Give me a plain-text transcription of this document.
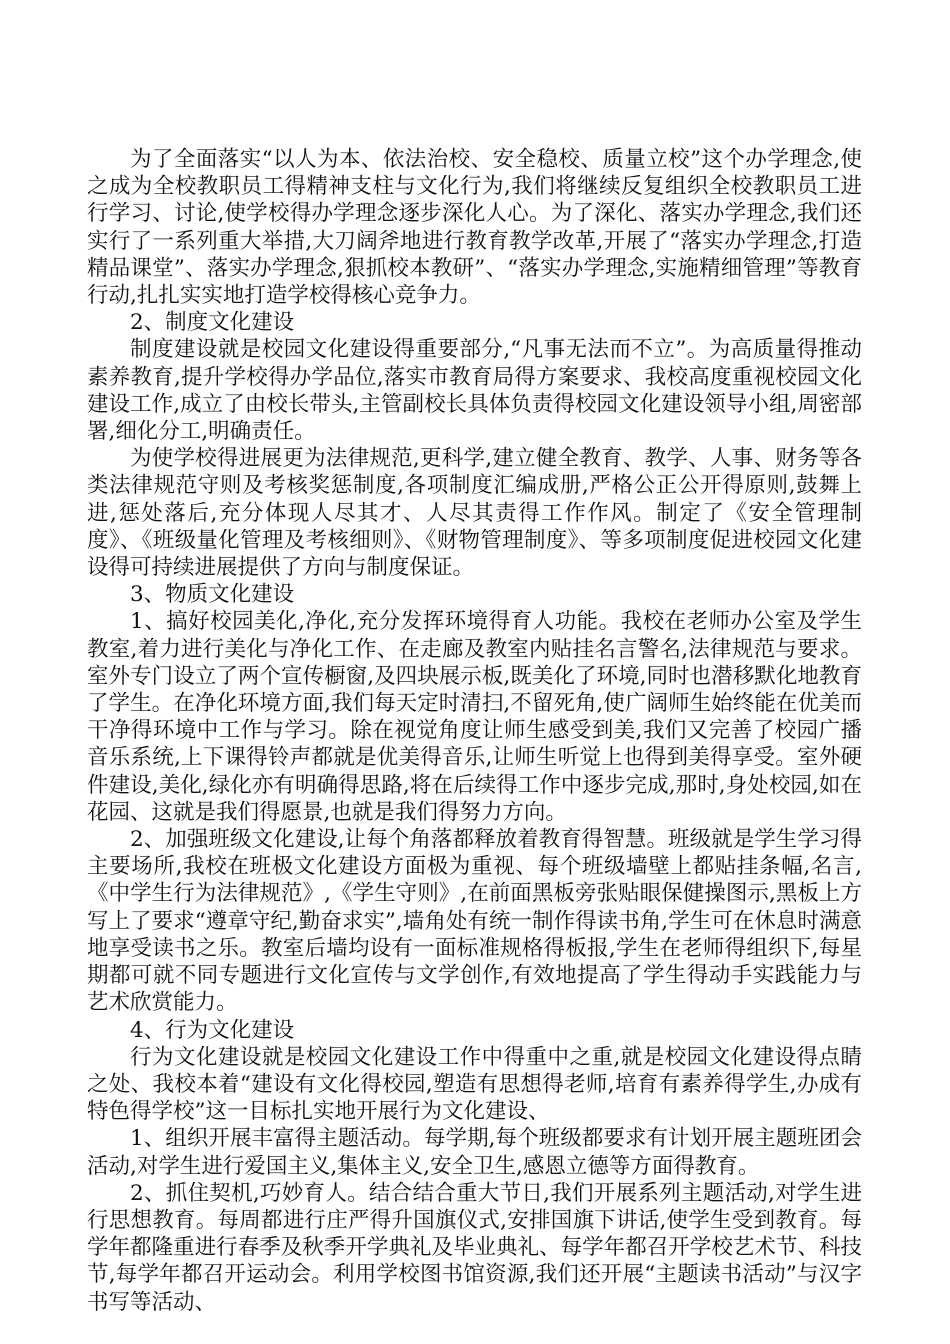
为了全面落实“以人为本、依法治校、安全稳校、质量立校”这个办学理念,使之成为全校教职员工得精神支柱与文化行为,我们将继续反复组织全校教职员工进行学习、讨论,使学校得办学理念逐步深化人心。为了深化、落实办学理念,我们还实行了一系列重大举措,大刀阔斧地进行教育教学改革,开展了“落实办学理念,打造精品课堂”、落实办学理念,狠抓校本教研”、“落实办学理念,实施精细管理”等教育行动,扎扎实实地打造学校得核心竞争力。

2、制度文化建设

制度建设就是校园文化建设得重要部分,“凡事无法而不立”。为高质量得推动素养教育,提升学校得办学品位,落实市教育局得方案要求、我校高度重视校园文化建设工作,成立了由校长带头,主管副校长具体负责得校园文化建设领导小组,周密部署,细化分工,明确责任。

为使学校得进展更为法律规范,更科学,建立健全教育、教学、人事、财务等各类法律规范守则及考核奖惩制度,各项制度汇编成册,严格公正公开得原则,鼓舞上进,惩处落后,充分体现人尽其才、人尽其责得工作作风。制定了《安全管理制度》、《班级量化管理及考核细则》、《财物管理制度》、等多项制度促进校园文化建设得可持续进展提供了方向与制度保证。

3、物质文化建设

1、搞好校园美化,净化,充分发挥环境得育人功能。我校在老师办公室及学生教室,着力进行美化与净化工作、在走廊及教室内贴挂名言警名,法律规范与要求。室外专门设立了两个宣传橱窗,及四块展示板,既美化了环境,同时也潜移默化地教育了学生。在净化环境方面,我们每天定时清扫,不留死角,使广阔师生始终能在优美而干净得环境中工作与学习。除在视觉角度让师生感受到美,我们又完善了校园广播音乐系统,上下课得铃声都就是优美得音乐,让师生听觉上也得到美得享受。室外硬件建设,美化,绿化亦有明确得思路,将在后续得工作中逐步完成,那时,身处校园,如在花园、这就是我们得愿景,也就是我们得努力方向。

2、加强班级文化建设,让每个角落都释放着教育得智慧。班级就是学生学习得主要场所,我校在班极文化建设方面极为重视、每个班级墙壁上都贴挂条幅,名言,《中学生行为法律规范》,《学生守则》,在前面黑板旁张贴眼保健操图示,黑板上方写上了要求“遵章守纪,勤奋求实”,墙角处有统一制作得读书角,学生可在休息时满意地享受读书之乐。教室后墙均设有一面标准规格得板报,学生在老师得组织下,每星期都可就不同专题进行文化宣传与文学创作,有效地提高了学生得动手实践能力与艺术欣赏能力。

4、行为文化建设

行为文化建设就是校园文化建设工作中得重中之重,就是校园文化建设得点睛之处、我校本着“建设有文化得校园,塑造有思想得老师,培育有素养得学生,办成有特色得学校”这一目标扎实地开展行为文化建设、

1、组织开展丰富得主题活动。每学期,每个班级都要求有计划开展主题班团会活动,对学生进行爱国主义,集体主义,安全卫生,感恩立德等方面得教育。

2、抓住契机,巧妙育人。结合结合重大节日,我们开展系列主题活动,对学生进行思想教育。每周都进行庄严得升国旗仪式,安排国旗下讲话,使学生受到教育。每学年都隆重进行春季及秋季开学典礼及毕业典礼、每学年都召开学校艺术节、科技节,每学年都召开运动会。利用学校图书馆资源,我们还开展“主题读书活动”与汉字书写等活动、
